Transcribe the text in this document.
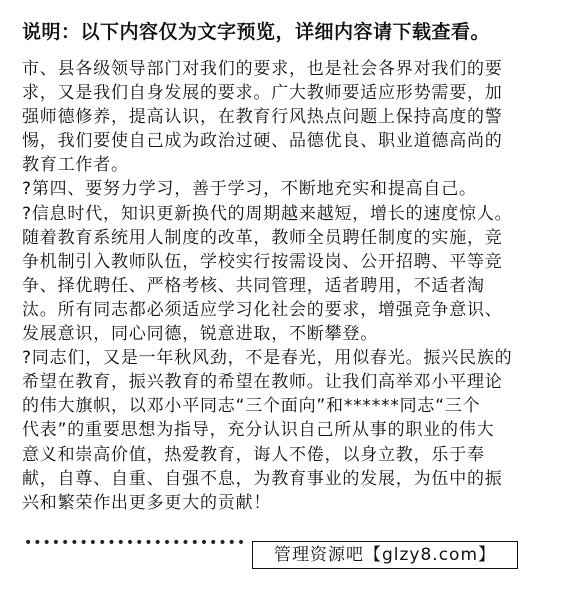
说明：以下内容仅为文字预览，详细内容请下载查看。
市、县各级领导部门对我们的要求，也是社会各界对我们的要
求，又是我们自身发展的要求。广大教师要适应形势需要，加
强师德修养，提高认识，在教育行风热点问题上保持高度的警
惕，我们要使自己成为政治过硬、品德优良、职业道德高尚的
教育工作者。
?第四、要努力学习，善于学习，不断地充实和提高自己。
?信息时代，知识更新换代的周期越来越短，增长的速度惊人。
随着教育系统用人制度的改革，教师全员聘任制度的实施，竞
争机制引入教师队伍，学校实行按需设岗、公开招聘、平等竞
争、择优聘任、严格考核、共同管理，适者聘用，不适者淘
汰。所有同志都必须适应学习化社会的要求，增强竞争意识、
发展意识，同心同德，锐意进取，不断攀登。
?同志们，又是一年秋风劲，不是春光，用似春光。振兴民族的
希望在教育，振兴教育的希望在教师。让我们高举邓小平理论
的伟大旗帜，以邓小平同志“三个面向”和******同志“三个
代表”的重要思想为指导，充分认识自己所从事的职业的伟大
意义和崇高价值，热爱教育，诲人不倦，以身立教，乐于奉
献，自尊、自重、自强不息，为教育事业的发展，为伍中的振
兴和繁荣作出更多更大的贡献！
••••••••••••••••••••••••
管理资源吧【glzy8.com】
